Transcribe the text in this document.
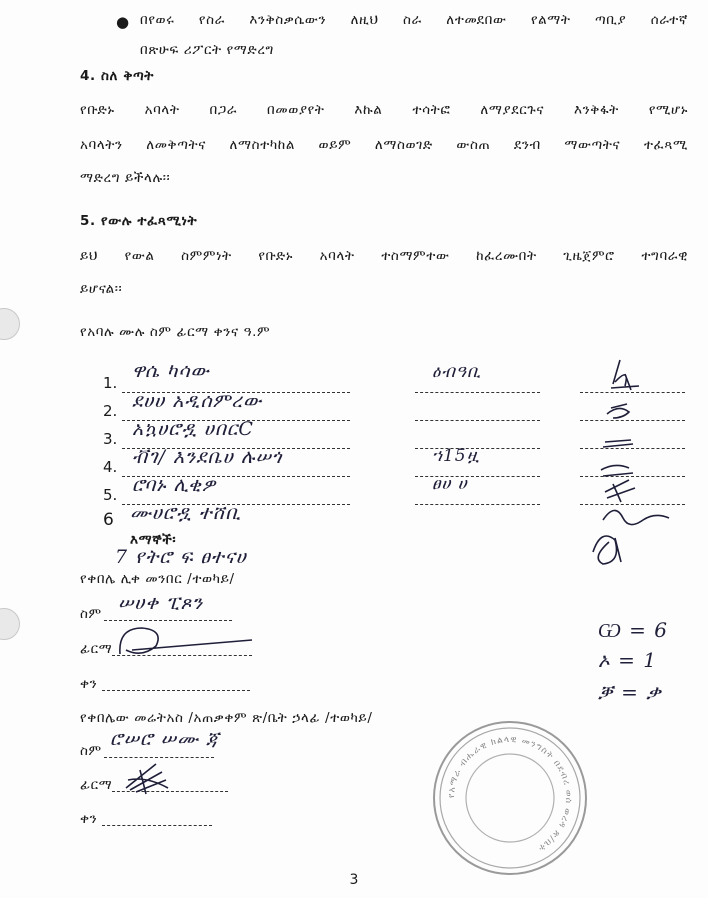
● በየወሩ የስራ እንቅስቃሴውን ለዚህ ስራ ለተመደበው የልማት ጣቢያ ሰራተኛ
በጽሁፍ ሪፖርት የማድረግ
4. ስለ ቅጣት
የቡድኑ አባላት በጋራ በመወያየት እኩል ተሳትፎ ለማያደርጉና እንቅፋት የሚሆኑ
አባላትን ለመቅጣትና ለማስተካከል ወይም ለማስወገድ ውስጠ ደንብ ማውጣትና ተፈጻሚ
ማድረግ ይችላሉ፡፡
5. የውሉ ተፈጻሚነት
ይህ የውል ስምምነት የቡድኑ አባላት ተስማምተው ከፈረሙበት ጊዜጀምሮ ተግባራዊ
ይሆናል፡፡
የአባሉ ሙሉ ስም ፊርማ ቀንና ዓ.ም
1.
2.
3.
4.
5.
6
ዋሴ ካሳው
ደሀሀ አዲሰምረው
አኳሀሮዷ ሀበርC
ቭገ/ እንደቤሀ ሉሠጎ
ሮባኑ ሊቂዎ
ሙሀሮዷ ተሸቢ
ዕብዓቢ
ኀ15ዟ
ፀሀ ሀ
እማኞች፡
7 የትሮ ፍ ፀተናሀ
የቀበሌ ሊቀ መንበር /ተወካይ/
ስም ሠሀቀ ፒጾን
ፊርማ
ቀን
Ѡ = 6
ኦ = 1
ቓ = ቃ
የቀበሌው መሬትአስ /አጠቃቀም ጽ/ቤት ኃላፊ /ተወካይ/
ስም
ሮሠሮ ሠሙ ጃ
ፊርማ
ቀን
የአማራ ብሔራዊ ክልላዊ መንግስት በደብረ ወሰ ወረዳ ጽ/ቤት
3
